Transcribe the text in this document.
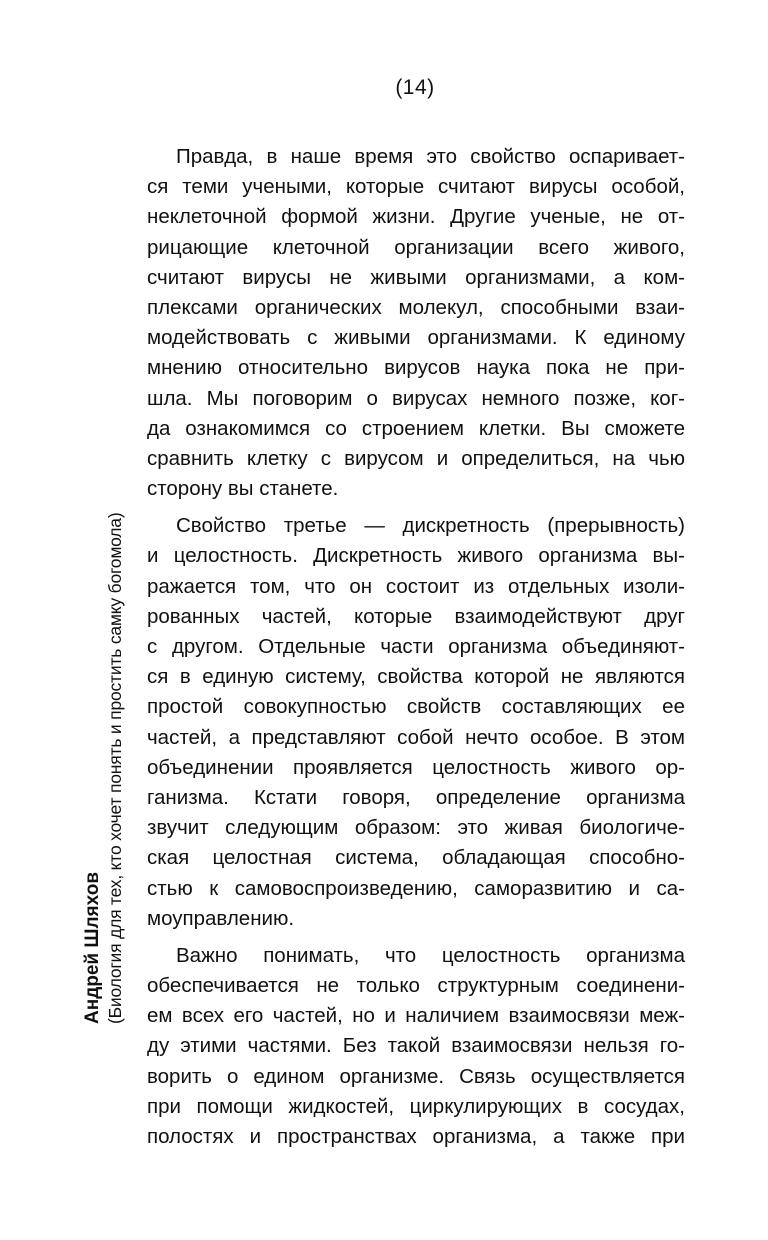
(14)
Правда, в наше время это свойство оспаривает-
ся теми учеными, которые считают вирусы особой,
неклеточной формой жизни. Другие ученые, не от-
рицающие клеточной организации всего живого,
считают вирусы не живыми организмами, а ком-
плексами органических молекул, способными взаи-
модействовать с живыми организмами. К единому
мнению относительно вирусов наука пока не при-
шла. Мы поговорим о вирусах немного позже, ког-
да ознакомимся со строением клетки. Вы сможете
сравнить клетку с вирусом и определиться, на чью
сторону вы станете.
Свойство третье — дискретность (прерывность)
и целостность. Дискретность живого организма вы-
ражается том, что он состоит из отдельных изоли-
рованных частей, которые взаимодействуют друг
с другом. Отдельные части организма объединяют-
ся в единую систему, свойства которой не являются
простой совокупностью свойств составляющих ее
частей, а представляют собой нечто особое. В этом
объединении проявляется целостность живого ор-
ганизма. Кстати говоря, определение организма
звучит следующим образом: это живая биологиче-
ская целостная система, обладающая способно-
стью к самовоспроизведению, саморазвитию и са-
моуправлению.
Важно понимать, что целостность организма
обеспечивается не только структурным соединени-
ем всех его частей, но и наличием взаимосвязи меж-
ду этими частями. Без такой взаимосвязи нельзя го-
ворить о едином организме. Связь осуществляется
при помощи жидкостей, циркулирующих в сосудах,
полостях и пространствах организма, а также при
Андрей Шляхов (Биология для тех, кто хочет понять и простить самку богомола)
